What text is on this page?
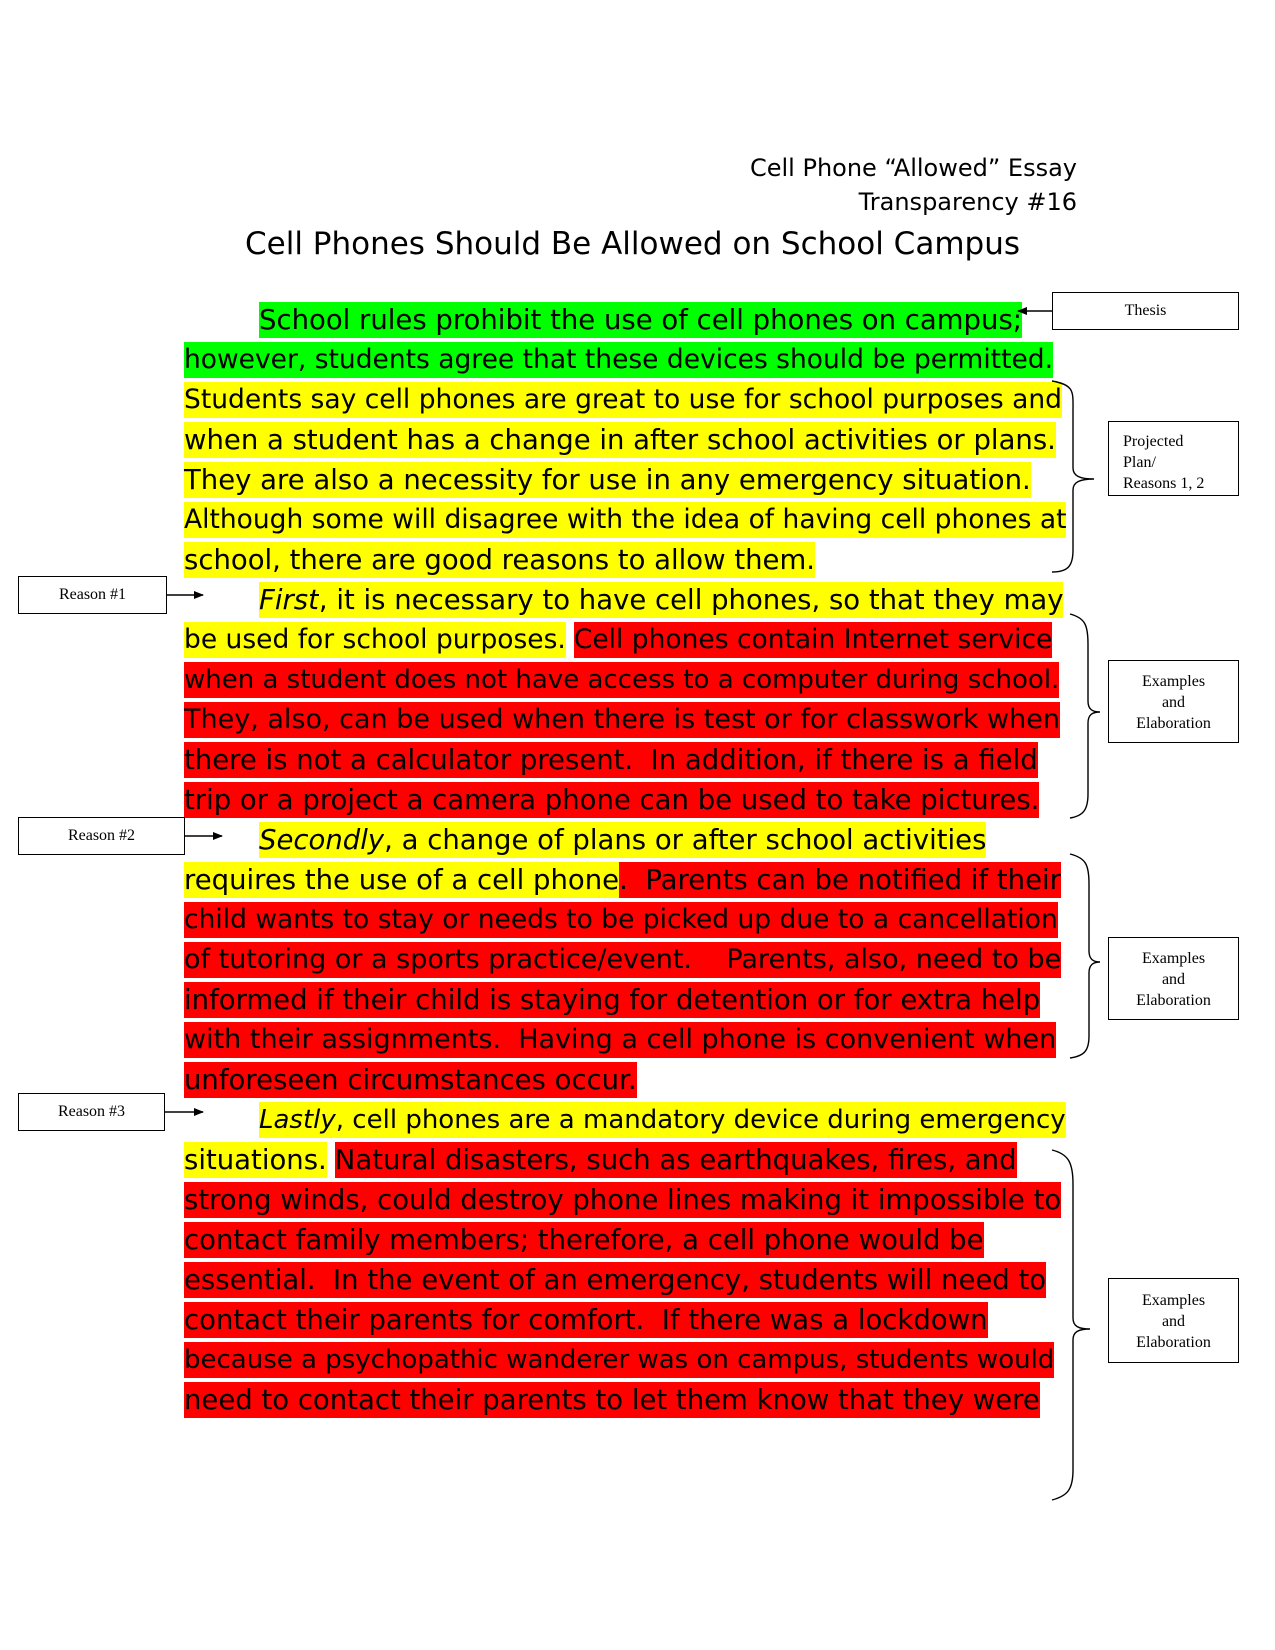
Cell Phone “Allowed” Essay
Transparency #16
Cell Phones Should Be Allowed on School Campus
School rules prohibit the use of cell phones on campus;
however, students agree that these devices should be permitted.
Students say cell phones are great to use for school purposes and
when a student has a change in after school activities or plans.
They are also a necessity for use in any emergency situation.
Although some will disagree with the idea of having cell phones at
school, there are good reasons to allow them.
First, it is necessary to have cell phones, so that they may
be used for school purposes. Cell phones contain Internet service
when a student does not have access to a computer during school.
They, also, can be used when there is test or for classwork when
there is not a calculator present.  In addition, if there is a field
trip or a project a camera phone can be used to take pictures.
Secondly, a change of plans or after school activities
requires the use of a cell phone.  Parents can be notified if their
child wants to stay or needs to be picked up due to a cancellation
of tutoring or a sports practice/event.    Parents, also, need to be
informed if their child is staying for detention or for extra help
with their assignments.  Having a cell phone is convenient when
unforeseen circumstances occur.
Lastly, cell phones are a mandatory device during emergency
situations. Natural disasters, such as earthquakes, fires, and
strong winds, could destroy phone lines making it impossible to
contact family members; therefore, a cell phone would be
essential.  In the event of an emergency, students will need to
contact their parents for comfort.  If there was a lockdown
because a psychopathic wanderer was on campus, students would
need to contact their parents to let them know that they were
Thesis
Projected
Plan/
Reasons 1, 2
Examples
and
Elaboration
Examples
and
Elaboration
Examples
and
Elaboration
Reason #1
Reason #2
Reason #3
